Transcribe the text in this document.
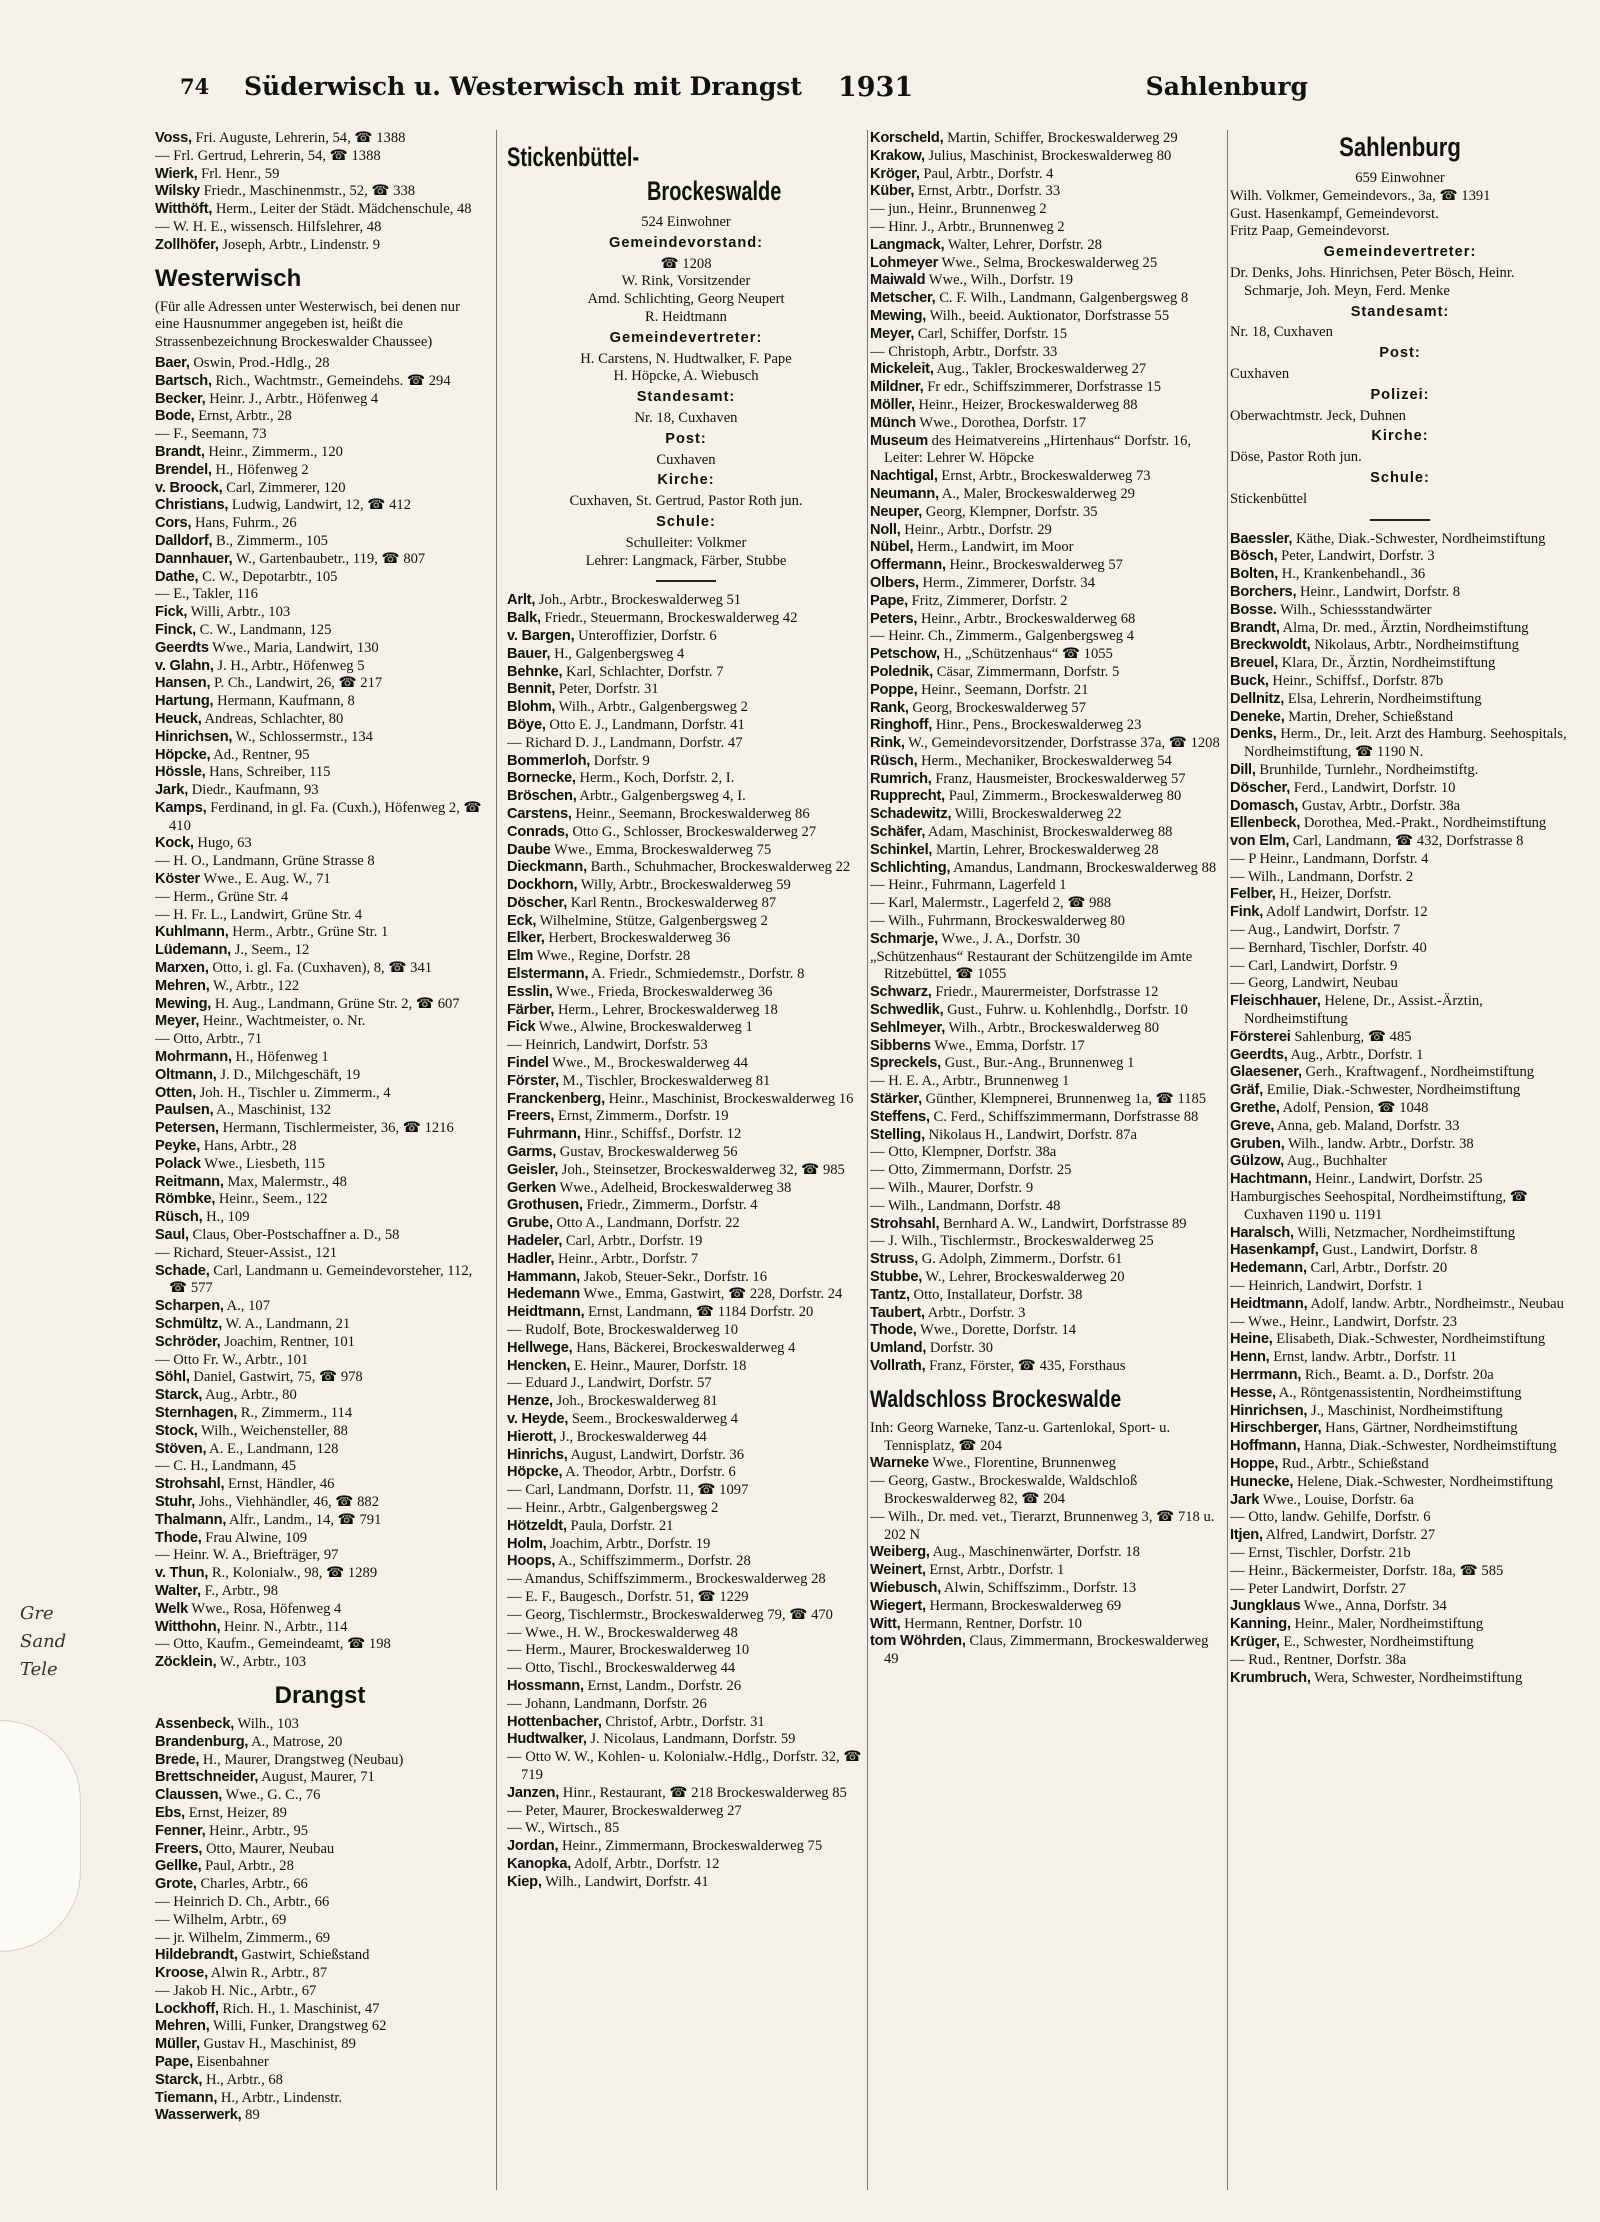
74 Süderwisch u. Westerwisch mit Drangst 1931	Sahlenburg
Gre
Sand
Tele

Voss, Fri. Auguste, Lehrerin, 54, ☎ 1388

— Frl. Gertrud, Lehrerin, 54, ☎ 1388

Wierk, Frl. Henr., 59

Wilsky Friedr., Maschinenmstr., 52, ☎ 338

Witthöft, Herm., Leiter der Städt. Mädchenschule, 48

— W. H. E., wissensch. Hilfslehrer, 48

Zollhöfer, Joseph, Arbtr., Lindenstr. 9

Westerwisch

(Für alle Adressen unter Westerwisch, bei denen nur eine Hausnummer angegeben ist, heißt die Strassenbezeichnung Brockeswalder Chaussee)

Baer, Oswin, Prod.-Hdlg., 28

Bartsch, Rich., Wachtmstr., Gemeindehs. ☎ 294

Becker, Heinr. J., Arbtr., Höfenweg 4

Bode, Ernst, Arbtr., 28

— F., Seemann, 73

Brandt, Heinr., Zimmerm., 120

Brendel, H., Höfenweg 2

v. Broock, Carl, Zimmerer, 120

Christians, Ludwig, Landwirt, 12, ☎ 412

Cors, Hans, Fuhrm., 26

Dalldorf, B., Zimmerm., 105

Dannhauer, W., Gartenbaubetr., 119, ☎ 807

Dathe, C. W., Depotarbtr., 105

— E., Takler, 116

Fick, Willi, Arbtr., 103

Finck, C. W., Landmann, 125

Geerdts Wwe., Maria, Landwirt, 130

v. Glahn, J. H., Arbtr., Höfenweg 5

Hansen, P. Ch., Landwirt, 26, ☎ 217

Hartung, Hermann, Kaufmann, 8

Heuck, Andreas, Schlachter, 80

Hinrichsen, W., Schlossermstr., 134

Höpcke, Ad., Rentner, 95

Hössle, Hans, Schreiber, 115

Jark, Diedr., Kaufmann, 93

Kamps, Ferdinand, in gl. Fa. (Cuxh.), Höfenweg 2, ☎ 410

Kock, Hugo, 63

— H. O., Landmann, Grüne Strasse 8

Köster Wwe., E. Aug. W., 71

— Herm., Grüne Str. 4

— H. Fr. L., Landwirt, Grüne Str. 4

Kuhlmann, Herm., Arbtr., Grüne Str. 1

Lüdemann, J., Seem., 12

Marxen, Otto, i. gl. Fa. (Cuxhaven), 8, ☎ 341

Mehren, W., Arbtr., 122

Mewing, H. Aug., Landmann, Grüne Str. 2, ☎ 607

Meyer, Heinr., Wachtmeister, o. Nr.

— Otto, Arbtr., 71

Mohrmann, H., Höfenweg 1

Oltmann, J. D., Milchgeschäft, 19

Otten, Joh. H., Tischler u. Zimmerm., 4

Paulsen, A., Maschinist, 132

Petersen, Hermann, Tischlermeister, 36, ☎ 1216

Peyke, Hans, Arbtr., 28

Polack Wwe., Liesbeth, 115

Reitmann, Max, Malermstr., 48

Römbke, Heinr., Seem., 122

Rüsch, H., 109

Saul, Claus, Ober-Postschaffner a. D., 58

— Richard, Steuer-Assist., 121

Schade, Carl, Landmann u. Gemeindevorsteher, 112, ☎ 577

Scharpen, A., 107

Schmültz, W. A., Landmann, 21

Schröder, Joachim, Rentner, 101

— Otto Fr. W., Arbtr., 101

Söhl, Daniel, Gastwirt, 75, ☎ 978

Starck, Aug., Arbtr., 80

Sternhagen, R., Zimmerm., 114

Stock, Wilh., Weichensteller, 88

Stöven, A. E., Landmann, 128

— C. H., Landmann, 45

Strohsahl, Ernst, Händler, 46

Stuhr, Johs., Viehhändler, 46, ☎ 882

Thalmann, Alfr., Landm., 14, ☎ 791

Thode, Frau Alwine, 109

— Heinr. W. A., Briefträger, 97

v. Thun, R., Kolonialw., 98, ☎ 1289

Walter, F., Arbtr., 98

Welk Wwe., Rosa, Höfenweg 4

Witthohn, Heinr. N., Arbtr., 114

— Otto, Kaufm., Gemeindeamt, ☎ 198

Zöcklein, W., Arbtr., 103

Drangst

Assenbeck, Wilh., 103

Brandenburg, A., Matrose, 20

Brede, H., Maurer, Drangstweg (Neubau)

Brettschneider, August, Maurer, 71

Claussen, Wwe., G. C., 76

Ebs, Ernst, Heizer, 89

Fenner, Heinr., Arbtr., 95

Freers, Otto, Maurer, Neubau

Gellke, Paul, Arbtr., 28

Grote, Charles, Arbtr., 66

— Heinrich D. Ch., Arbtr., 66

— Wilhelm, Arbtr., 69

— jr. Wilhelm, Zimmerm., 69

Hildebrandt, Gastwirt, Schießstand

Kroose, Alwin R., Arbtr., 87

— Jakob H. Nic., Arbtr., 67

Lockhoff, Rich. H., 1. Maschinist, 47

Mehren, Willi, Funker, Drangstweg 62

Müller, Gustav H., Maschinist, 89

Pape, Eisenbahner

Starck, H., Arbtr., 68

Tiemann, H., Arbtr., Lindenstr.

Wasserwerk, 89

Stickenbüttel-
Brockeswalde

524 Einwohner

Gemeindevorstand:

☎ 1208

W. Rink, Vorsitzender

Amd. Schlichting, Georg Neupert

R. Heidtmann

Gemeindevertreter:

H. Carstens, N. Hudtwalker, F. Pape

H. Höpcke, A. Wiebusch

Standesamt:

Nr. 18, Cuxhaven

Post:

Cuxhaven

Kirche:

Cuxhaven, St. Gertrud, Pastor Roth jun.

Schule:

Schulleiter: Volkmer

Lehrer: Langmack, Färber, Stubbe

Arlt, Joh., Arbtr., Brockeswalderweg 51

Balk, Friedr., Steuermann, Brockeswalderweg 42

v. Bargen, Unteroffizier, Dorfstr. 6

Bauer, H., Galgenbergsweg 4

Behnke, Karl, Schlachter, Dorfstr. 7

Bennit, Peter, Dorfstr. 31

Blohm, Wilh., Arbtr., Galgenbergsweg 2

Böye, Otto E. J., Landmann, Dorfstr. 41

— Richard D. J., Landmann, Dorfstr. 47

Bommerloh, Dorfstr. 9

Bornecke, Herm., Koch, Dorfstr. 2, I.

Bröschen, Arbtr., Galgenbergsweg 4, I.

Carstens, Heinr., Seemann, Brockeswalderweg 86

Conrads, Otto G., Schlosser, Brockeswalderweg 27

Daube Wwe., Emma, Brockeswalderweg 75

Dieckmann, Barth., Schuhmacher, Brockeswalderweg 22

Dockhorn, Willy, Arbtr., Brockeswalderweg 59

Döscher, Karl Rentn., Brockeswalderweg 87

Eck, Wilhelmine, Stütze, Galgenbergsweg 2

Elker, Herbert, Brockeswalderweg 36

Elm Wwe., Regine, Dorfstr. 28

Elstermann, A. Friedr., Schmiedemstr., Dorfstr. 8

Esslin, Wwe., Frieda, Brockeswalderweg 36

Färber, Herm., Lehrer, Brockeswalderweg 18

Fick Wwe., Alwine, Brockeswalderweg 1

— Heinrich, Landwirt, Dorfstr. 53

Findel Wwe., M., Brockeswalderweg 44

Förster, M., Tischler, Brockeswalderweg 81

Franckenberg, Heinr., Maschinist, Brockeswalderweg 16

Freers, Ernst, Zimmerm., Dorfstr. 19

Fuhrmann, Hinr., Schiffsf., Dorfstr. 12

Garms, Gustav, Brockeswalderweg 56

Geisler, Joh., Steinsetzer, Brockeswalderweg 32, ☎ 985

Gerken Wwe., Adelheid, Brockeswalderweg 38

Grothusen, Friedr., Zimmerm., Dorfstr. 4

Grube, Otto A., Landmann, Dorfstr. 22

Hadeler, Carl, Arbtr., Dorfstr. 19

Hadler, Heinr., Arbtr., Dorfstr. 7

Hammann, Jakob, Steuer-Sekr., Dorfstr. 16

Hedemann Wwe., Emma, Gastwirt, ☎ 228, Dorfstr. 24

Heidtmann, Ernst, Landmann, ☎ 1184 Dorfstr. 20

— Rudolf, Bote, Brockeswalderweg 10

Hellwege, Hans, Bäckerei, Brockeswalderweg 4

Hencken, E. Heinr., Maurer, Dorfstr. 18

— Eduard J., Landwirt, Dorfstr. 57

Henze, Joh., Brockeswalderweg 81

v. Heyde, Seem., Brockeswalderweg 4

Hierott, J., Brockeswalderweg 44

Hinrichs, August, Landwirt, Dorfstr. 36

Höpcke, A. Theodor, Arbtr., Dorfstr. 6

— Carl, Landmann, Dorfstr. 11, ☎ 1097

— Heinr., Arbtr., Galgenbergsweg 2

Hötzeldt, Paula, Dorfstr. 21

Holm, Joachim, Arbtr., Dorfstr. 19

Hoops, A., Schiffszimmerm., Dorfstr. 28

— Amandus, Schiffszimmerm., Brockeswalderweg 28

— E. F., Baugesch., Dorfstr. 51, ☎ 1229

— Georg, Tischlermstr., Brockeswalderweg 79, ☎ 470

— Wwe., H. W., Brockeswalderweg 48

— Herm., Maurer, Brockeswalderweg 10

— Otto, Tischl., Brockeswalderweg 44

Hossmann, Ernst, Landm., Dorfstr. 26

— Johann, Landmann, Dorfstr. 26

Hottenbacher, Christof, Arbtr., Dorfstr. 31

Hudtwalker, J. Nicolaus, Landmann, Dorfstr. 59

— Otto W. W., Kohlen- u. Kolonialw.-Hdlg., Dorfstr. 32, ☎ 719

Janzen, Hinr., Restaurant, ☎ 218 Brockeswalderweg 85

— Peter, Maurer, Brockeswalderweg 27

— W., Wirtsch., 85

Jordan, Heinr., Zimmermann, Brockeswalderweg 75

Kanopka, Adolf, Arbtr., Dorfstr. 12

Kiep, Wilh., Landwirt, Dorfstr. 41

Korscheld, Martin, Schiffer, Brockeswalderweg 29

Krakow, Julius, Maschinist, Brockeswalderweg 80

Kröger, Paul, Arbtr., Dorfstr. 4

Küber, Ernst, Arbtr., Dorfstr. 33

— jun., Heinr., Brunnenweg 2

— Hinr. J., Arbtr., Brunnenweg 2

Langmack, Walter, Lehrer, Dorfstr. 28

Lohmeyer Wwe., Selma, Brockeswalderweg 25

Maiwald Wwe., Wilh., Dorfstr. 19

Metscher, C. F. Wilh., Landmann, Galgenbergsweg 8

Mewing, Wilh., beeid. Auktionator, Dorfstrasse 55

Meyer, Carl, Schiffer, Dorfstr. 15

— Christoph, Arbtr., Dorfstr. 33

Mickeleit, Aug., Takler, Brockeswalderweg 27

Mildner, Fr edr., Schiffszimmerer, Dorfstrasse 15

Möller, Heinr., Heizer, Brockeswalderweg 88

Münch Wwe., Dorothea, Dorfstr. 17

Museum des Heimatvereins „Hirtenhaus“ Dorfstr. 16, Leiter: Lehrer W. Höpcke

Nachtigal, Ernst, Arbtr., Brockeswalderweg 73

Neumann, A., Maler, Brockeswalderweg 29

Neuper, Georg, Klempner, Dorfstr. 35

Noll, Heinr., Arbtr., Dorfstr. 29

Nübel, Herm., Landwirt, im Moor

Offermann, Heinr., Brockeswalderweg 57

Olbers, Herm., Zimmerer, Dorfstr. 34

Pape, Fritz, Zimmerer, Dorfstr. 2

Peters, Heinr., Arbtr., Brockeswalderweg 68

— Heinr. Ch., Zimmerm., Galgenbergsweg 4

Petschow, H., „Schützenhaus“ ☎ 1055

Polednik, Cäsar, Zimmermann, Dorfstr. 5

Poppe, Heinr., Seemann, Dorfstr. 21

Rank, Georg, Brockeswalderweg 57

Ringhoff, Hinr., Pens., Brockeswalderweg 23

Rink, W., Gemeindevorsitzender, Dorfstrasse 37a, ☎ 1208

Rüsch, Herm., Mechaniker, Brockeswalderweg 54

Rumrich, Franz, Hausmeister, Brockeswalderweg 57

Rupprecht, Paul, Zimmerm., Brockeswalderweg 80

Schadewitz, Willi, Brockeswalderweg 22

Schäfer, Adam, Maschinist, Brockeswalderweg 88

Schinkel, Martin, Lehrer, Brockeswalderweg 28

Schlichting, Amandus, Landmann, Brockeswalderweg 88

— Heinr., Fuhrmann, Lagerfeld 1

— Karl, Malermstr., Lagerfeld 2, ☎ 988

— Wilh., Fuhrmann, Brockeswalderweg 80

Schmarje, Wwe., J. A., Dorfstr. 30

„Schützenhaus“ Restaurant der Schützengilde im Amte Ritzebüttel, ☎ 1055

Schwarz, Friedr., Maurermeister, Dorfstrasse 12

Schwedlik, Gust., Fuhrw. u. Kohlenhdlg., Dorfstr. 10

Sehlmeyer, Wilh., Arbtr., Brockeswalderweg 80

Sibberns Wwe., Emma, Dorfstr. 17

Spreckels, Gust., Bur.-Ang., Brunnenweg 1

— H. E. A., Arbtr., Brunnenweg 1

Stärker, Günther, Klempnerei, Brunnenweg 1a, ☎ 1185

Steffens, C. Ferd., Schiffszimmermann, Dorfstrasse 88

Stelling, Nikolaus H., Landwirt, Dorfstr. 87a

— Otto, Klempner, Dorfstr. 38a

— Otto, Zimmermann, Dorfstr. 25

— Wilh., Maurer, Dorfstr. 9

— Wilh., Landmann, Dorfstr. 48

Strohsahl, Bernhard A. W., Landwirt, Dorfstrasse 89

— J. Wilh., Tischlermstr., Brockeswalderweg 25

Struss, G. Adolph, Zimmerm., Dorfstr. 61

Stubbe, W., Lehrer, Brockeswalderweg 20

Tantz, Otto, Installateur, Dorfstr. 38

Taubert, Arbtr., Dorfstr. 3

Thode, Wwe., Dorette, Dorfstr. 14

Umland, Dorfstr. 30

Vollrath, Franz, Förster, ☎ 435, Forsthaus

Waldschloss Brockeswalde

Inh: Georg Warneke, Tanz-u. Gartenlokal, Sport- u. Tennisplatz, ☎ 204

Warneke Wwe., Florentine, Brunnenweg

— Georg, Gastw., Brockeswalde, Waldschloß Brockeswalderweg 82, ☎ 204

— Wilh., Dr. med. vet., Tierarzt, Brunnenweg 3, ☎ 718 u. 202 N

Weiberg, Aug., Maschinenwärter, Dorfstr. 18

Weinert, Ernst, Arbtr., Dorfstr. 1

Wiebusch, Alwin, Schiffszimm., Dorfstr. 13

Wiegert, Hermann, Brockeswalderweg 69

Witt, Hermann, Rentner, Dorfstr. 10

tom Wöhrden, Claus, Zimmermann, Brockeswalderweg 49

Sahlenburg

659 Einwohner

Wilh. Volkmer, Gemeindevors., 3a, ☎ 1391

Gust. Hasenkampf, Gemeindevorst.

Fritz Paap, Gemeindevorst.

Gemeindevertreter:

Dr. Denks, Johs. Hinrichsen, Peter Bösch, Heinr. Schmarje, Joh. Meyn, Ferd. Menke

Standesamt:

Nr. 18, Cuxhaven

Post:

Cuxhaven

Polizei:

Oberwachtmstr. Jeck, Duhnen

Kirche:

Döse, Pastor Roth jun.

Schule:

Stickenbüttel

Baessler, Käthe, Diak.-Schwester, Nordheimstiftung

Bösch, Peter, Landwirt, Dorfstr. 3

Bolten, H., Krankenbehandl., 36

Borchers, Heinr., Landwirt, Dorfstr. 8

Bosse. Wilh., Schiessstandwärter

Brandt, Alma, Dr. med., Ärztin, Nordheimstiftung

Breckwoldt, Nikolaus, Arbtr., Nordheimstiftung

Breuel, Klara, Dr., Ärztin, Nordheimstiftung

Buck, Heinr., Schiffsf., Dorfstr. 87b

Dellnitz, Elsa, Lehrerin, Nordheimstiftung

Deneke, Martin, Dreher, Schießstand

Denks, Herm., Dr., leit. Arzt des Hamburg. Seehospitals, Nordheimstiftung, ☎ 1190 N.

Dill, Brunhilde, Turnlehr., Nordheimstiftg.

Döscher, Ferd., Landwirt, Dorfstr. 10

Domasch, Gustav, Arbtr., Dorfstr. 38a

Ellenbeck, Dorothea, Med.-Prakt., Nordheimstiftung

von Elm, Carl, Landmann, ☎ 432, Dorfstrasse 8

— P Heinr., Landmann, Dorfstr. 4

— Wilh., Landmann, Dorfstr. 2

Felber, H., Heizer, Dorfstr.

Fink, Adolf Landwirt, Dorfstr. 12

— Aug., Landwirt, Dorfstr. 7

— Bernhard, Tischler, Dorfstr. 40

— Carl, Landwirt, Dorfstr. 9

— Georg, Landwirt, Neubau

Fleischhauer, Helene, Dr., Assist.-Ärztin, Nordheimstiftung

Försterei Sahlenburg, ☎ 485

Geerdts, Aug., Arbtr., Dorfstr. 1

Glaesener, Gerh., Kraftwagenf., Nordheimstiftung

Gräf, Emilie, Diak.-Schwester, Nordheimstiftung

Grethe, Adolf, Pension, ☎ 1048

Greve, Anna, geb. Maland, Dorfstr. 33

Gruben, Wilh., landw. Arbtr., Dorfstr. 38

Gülzow, Aug., Buchhalter

Hachtmann, Heinr., Landwirt, Dorfstr. 25

Hamburgisches Seehospital, Nordheimstiftung, ☎ Cuxhaven 1190 u. 1191

Haralsch, Willi, Netzmacher, Nordheimstiftung

Hasenkampf, Gust., Landwirt, Dorfstr. 8

Hedemann, Carl, Arbtr., Dorfstr. 20

— Heinrich, Landwirt, Dorfstr. 1

Heidtmann, Adolf, landw. Arbtr., Nordheimstr., Neubau

— Wwe., Heinr., Landwirt, Dorfstr. 23

Heine, Elisabeth, Diak.-Schwester, Nordheimstiftung

Henn, Ernst, landw. Arbtr., Dorfstr. 11

Herrmann, Rich., Beamt. a. D., Dorfstr. 20a

Hesse, A., Röntgenassistentin, Nordheimstiftung

Hinrichsen, J., Maschinist, Nordheimstiftung

Hirschberger, Hans, Gärtner, Nordheimstiftung

Hoffmann, Hanna, Diak.-Schwester, Nordheimstiftung

Hoppe, Rud., Arbtr., Schießstand

Hunecke, Helene, Diak.-Schwester, Nordheimstiftung

Jark Wwe., Louise, Dorfstr. 6a

— Otto, landw. Gehilfe, Dorfstr. 6

Itjen, Alfred, Landwirt, Dorfstr. 27

— Ernst, Tischler, Dorfstr. 21b

— Heinr., Bäckermeister, Dorfstr. 18a, ☎ 585

— Peter Landwirt, Dorfstr. 27

Jungklaus Wwe., Anna, Dorfstr. 34

Kanning, Heinr., Maler, Nordheimstiftung

Krüger, E., Schwester, Nordheimstiftung

— Rud., Rentner, Dorfstr. 38a

Krumbruch, Wera, Schwester, Nordheimstiftung
